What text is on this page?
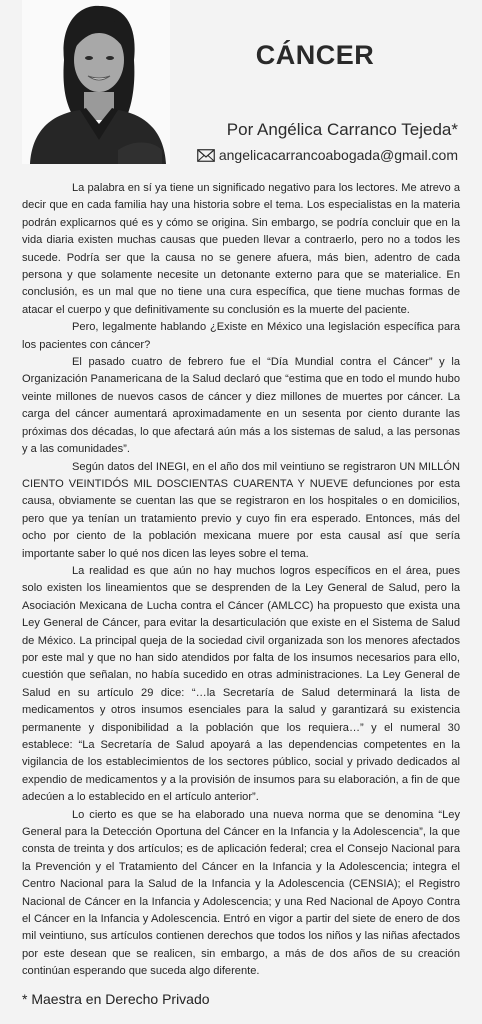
CÁNCER
Por Angélica Carranco Tejeda*
angelicacarrancoabogada@gmail.com

La palabra en sí ya tiene un significado negativo para los lectores. Me atrevo a decir que en cada familia hay una historia sobre el tema. Los especialistas en la materia podrán explicarnos qué es y cómo se origina. Sin embargo, se podría concluir que en la vida diaria existen muchas causas que pueden llevar a contraerlo, pero no a todos les sucede. Podría ser que la causa no se genere afuera, más bien, adentro de cada persona y que solamente necesite un detonante externo para que se materialice. En conclusión, es un mal que no tiene una cura específica, que tiene muchas formas de atacar el cuerpo y que definitivamente su conclusión es la muerte del paciente.

Pero, legalmente hablando ¿Existe en México una legislación específica para los pacientes con cáncer?

El pasado cuatro de febrero fue el “Día Mundial contra el Cáncer” y la Organización Panamericana de la Salud declaró que “estima que en todo el mundo hubo veinte millones de nuevos casos de cáncer y diez millones de muertes por cáncer. La carga del cáncer aumentará aproximadamente en un sesenta por ciento durante las próximas dos décadas, lo que afectará aún más a los sistemas de salud, a las personas y a las comunidades”.

Según datos del INEGI, en el año dos mil veintiuno se registraron UN MILLÓN CIENTO VEINTIDÓS MIL DOSCIENTAS CUARENTA Y NUEVE defunciones por esta causa, obviamente se cuentan las que se registraron en los hospitales o en domicilios, pero que ya tenían un tratamiento previo y cuyo fin era esperado. Entonces, más del ocho por ciento de la población mexicana muere por esta causal así que sería importante saber lo qué nos dicen las leyes sobre el tema.

La realidad es que aún no hay muchos logros específicos en el área, pues solo existen los lineamientos que se desprenden de la Ley General de Salud, pero la Asociación Mexicana de Lucha contra el Cáncer (AMLCC) ha propuesto que exista una Ley General de Cáncer, para evitar la desarticulación que existe en el Sistema de Salud de México. La principal queja de la sociedad civil organizada son los menores afectados por este mal y que no han sido atendidos por falta de los insumos necesarios para ello, cuestión que señalan, no había sucedido en otras administraciones. La Ley General de Salud en su artículo 29 dice: “…la Secretaría de Salud determinará la lista de medicamentos y otros insumos esenciales para la salud y garantizará su existencia permanente y disponibilidad a la población que los requiera…” y el numeral 30 establece: “La Secretaría de Salud apoyará a las dependencias competentes en la vigilancia de los establecimientos de los sectores público, social y privado dedicados al expendio de medicamentos y a la provisión de insumos para su elaboración, a fin de que adecúen a lo establecido en el artículo anterior”.

Lo cierto es que se ha elaborado una nueva norma que se denomina “Ley General para la Detección Oportuna del Cáncer en la Infancia y la Adolescencia”, la que consta de treinta y dos artículos; es de aplicación federal; crea el Consejo Nacional para la Prevención y el Tratamiento del Cáncer en la Infancia y la Adolescencia; integra el Centro Nacional para la Salud de la Infancia y la Adolescencia (CENSIA); el Registro Nacional de Cáncer en la Infancia y Adolescencia; y una Red Nacional de Apoyo Contra el Cáncer en la Infancia y Adolescencia. Entró en vigor a partir del siete de enero de dos mil veintiuno, sus artículos contienen derechos que todos los niños y las niñas afectados por este desean que se realicen, sin embargo, a más de dos años de su creación continúan esperando que suceda algo diferente.

* Maestra en Derecho Privado
